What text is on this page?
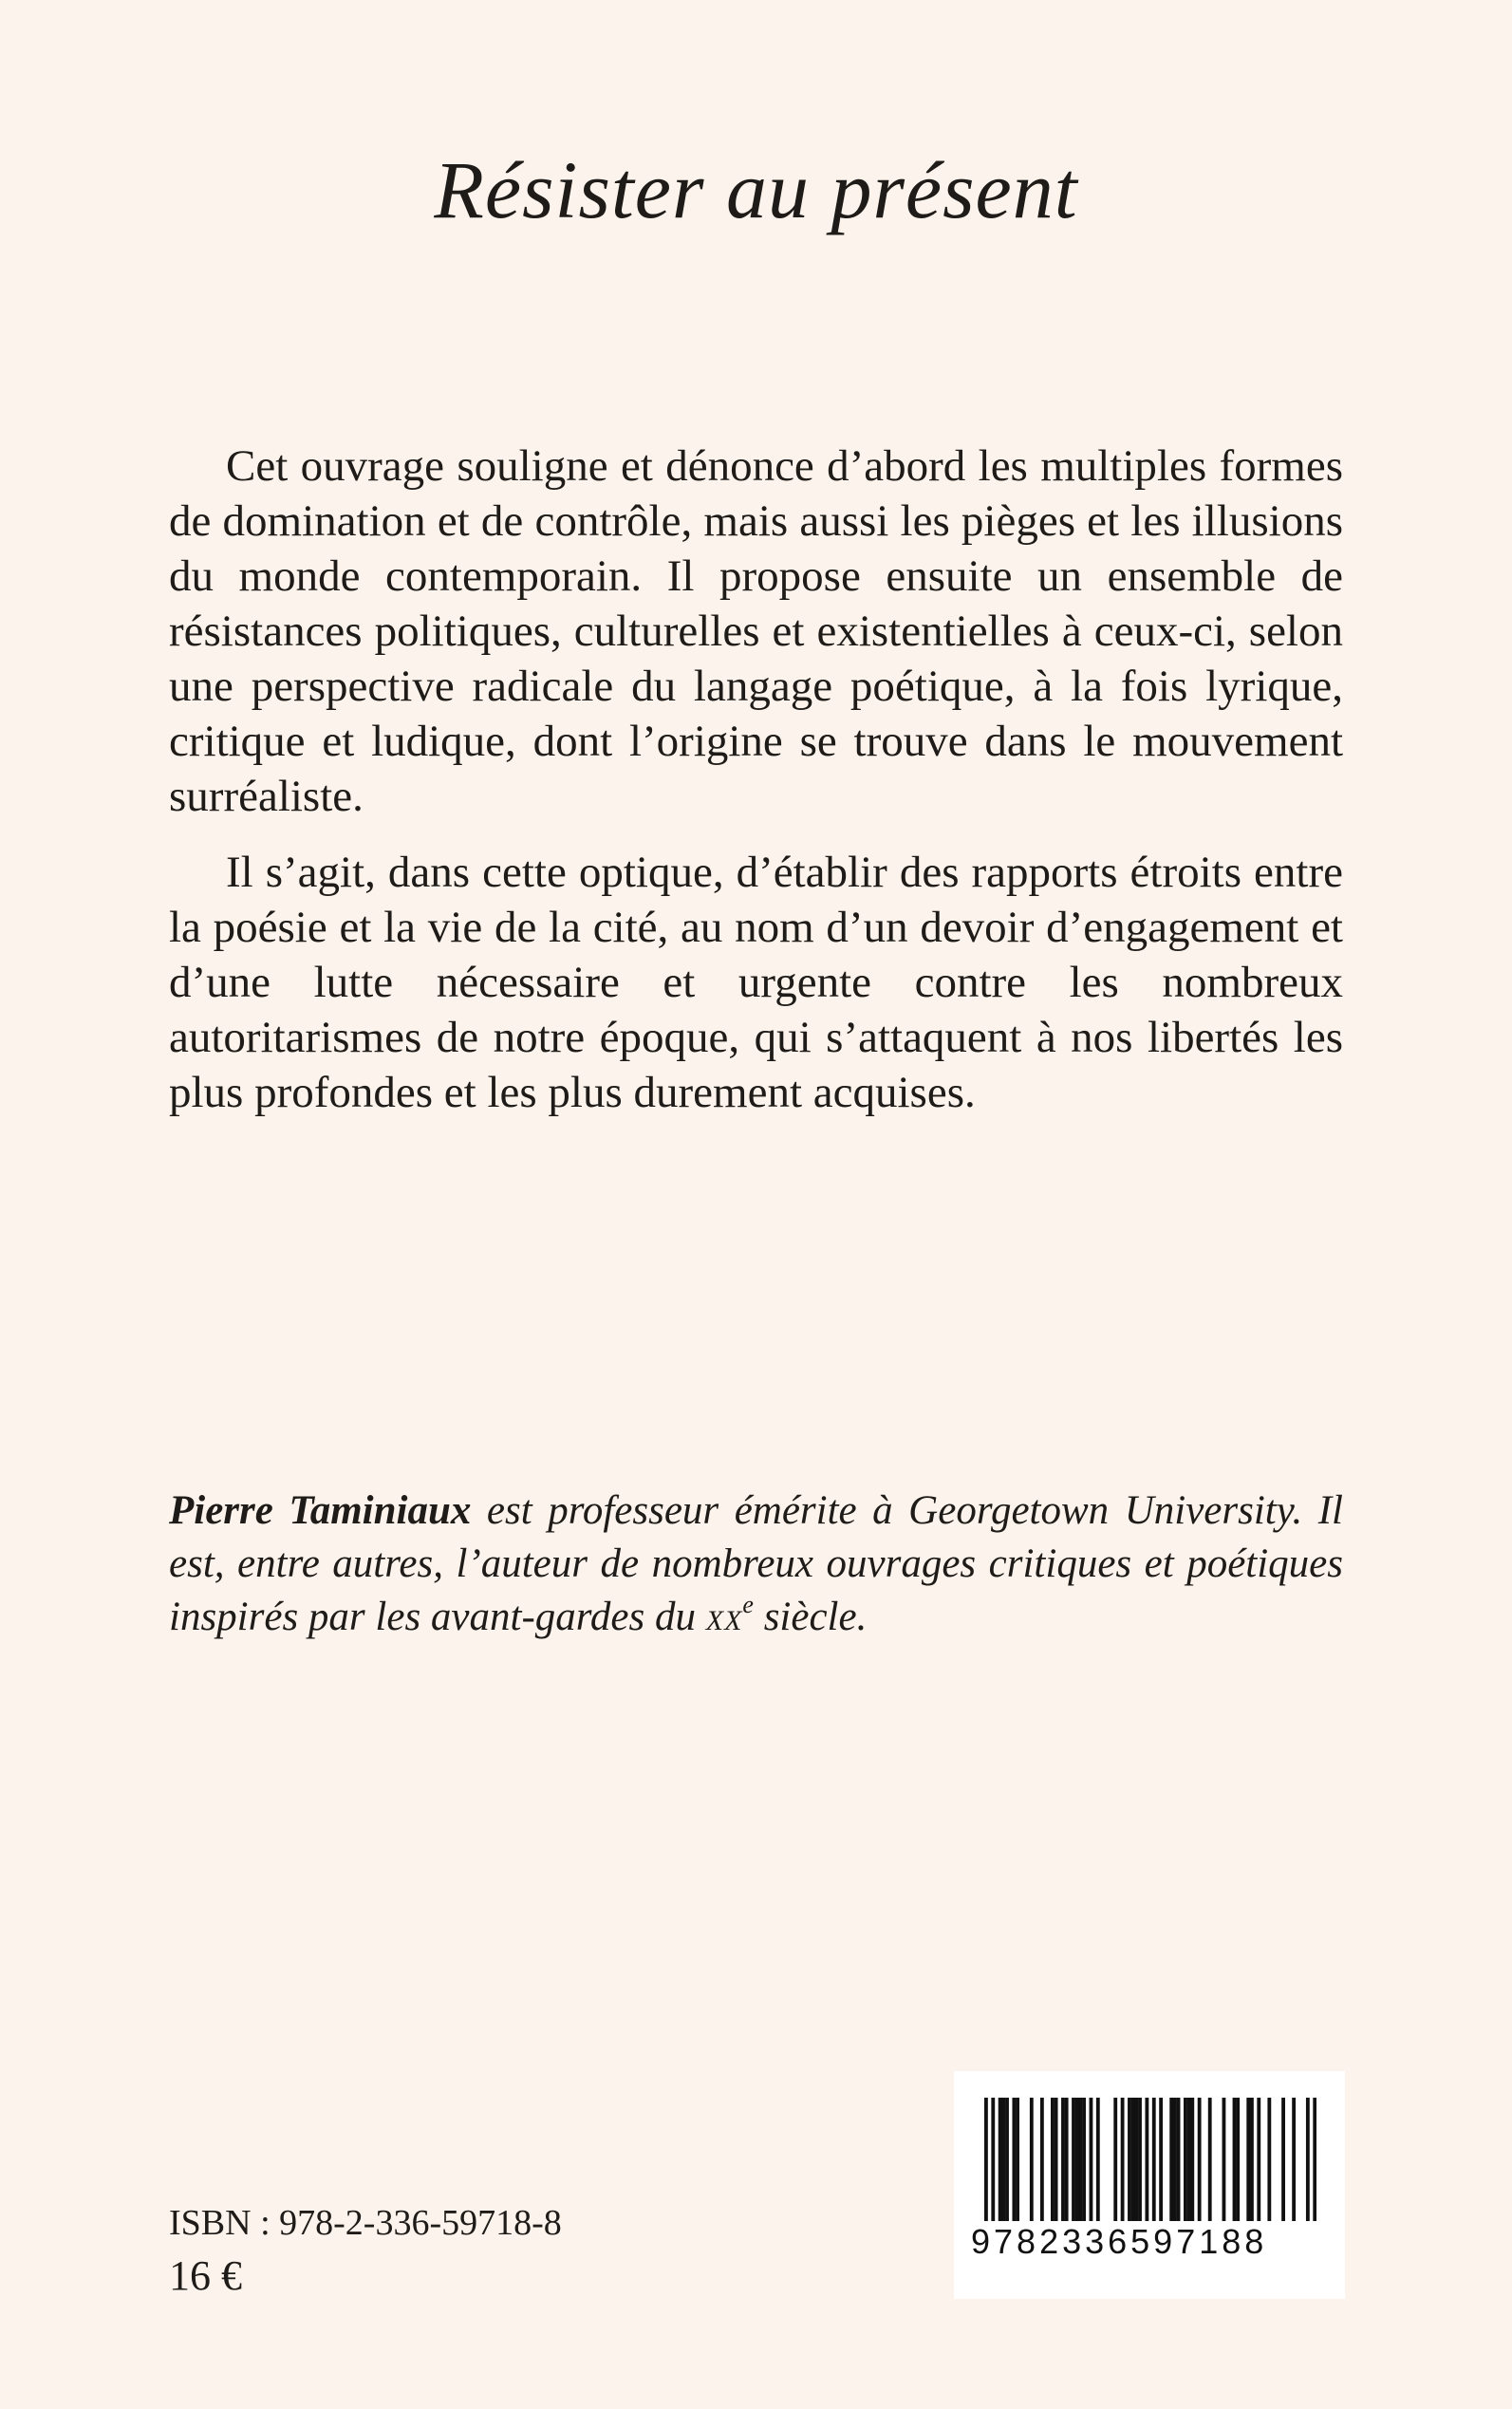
Résister au présent

Cet ouvrage souligne et dénonce d’abord les multiples formes de domination et de contrôle, mais aussi les pièges et les illusions du monde contemporain. Il propose ensuite un ensemble de résistances politiques, culturelles et existentielles à ceux-ci, selon une perspective radicale du langage poétique, à la fois lyrique, critique et ludique, dont l’origine se trouve dans le mouvement surréaliste.

Il s’agit, dans cette optique, d’établir des rapports étroits entre la poésie et la vie de la cité, au nom d’un devoir d’engagement et d’une lutte nécessaire et urgente contre les nombreux autoritarismes de notre époque, qui s’attaquent à nos libertés les plus profondes et les plus durement acquises.

Pierre Taminiaux est professeur émérite à Georgetown University. Il est, entre autres, l’auteur de nombreux ouvrages critiques et poétiques inspirés par les avant-gardes du $xx^e$ siècle.
ISBN : 978-2-336-59718-8
16 €
9782336597188
